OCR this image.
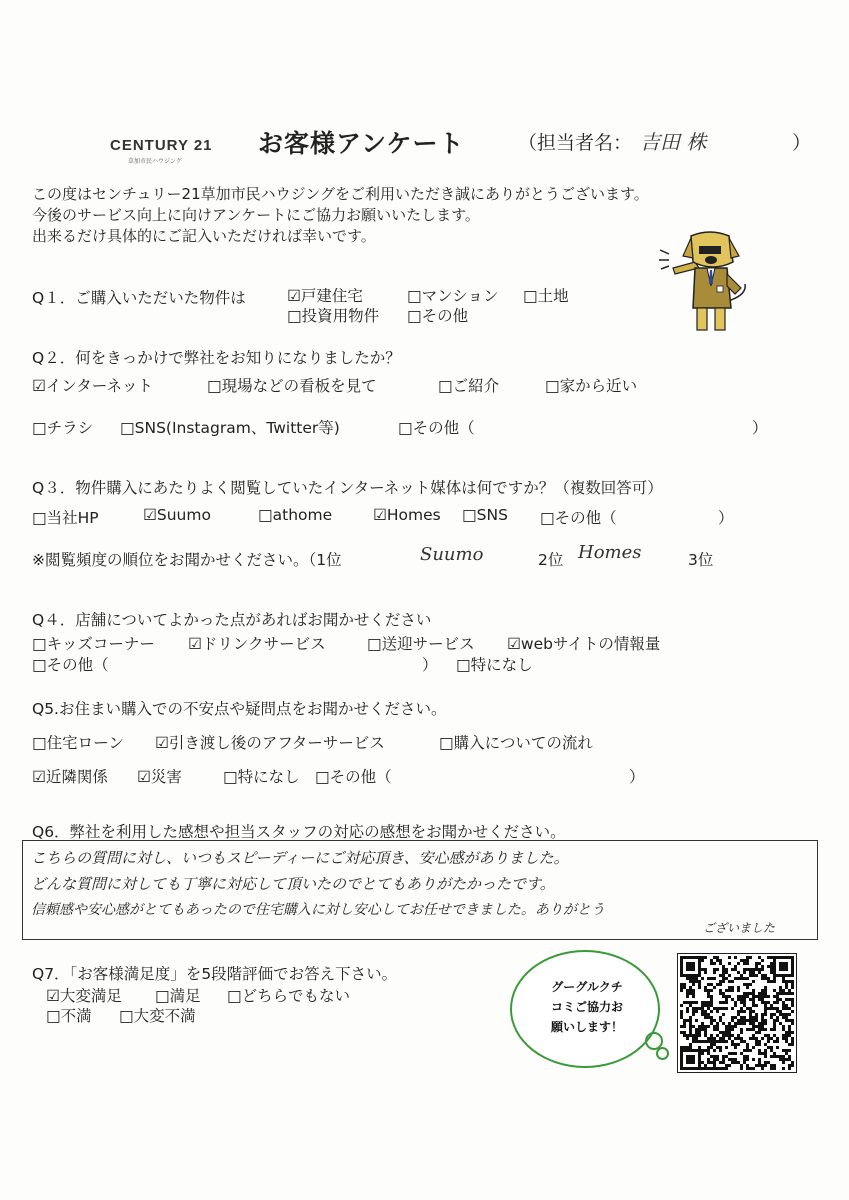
CENTURY 21
草加市民ハウジング
お客様アンケート	（担当者名： 吉田 株	）
この度はセンチュリー21草加市民ハウジングをご利用いただき誠にありがとうございます。
今後のサービス向上に向けアンケートにご協力お願いいたします。
出来るだけ具体的にご記入いただければ幸いです。
Q１．ご購入いただいた物件は	☑戸建住宅	□マンション □土地
□投資用物件 □その他
Q２．何をきっかけで弊社をお知りになりましたか？
☑インターネット	□現場などの看板を見て	□ご紹介	□家から近い
□チラシ □SNS(Instagram、Twitter等)	□その他（	）
Q３．物件購入にあたりよく閲覧していたインターネット媒体は何ですか？（複数回答可）
□当社HP	☑Suumo	□athome	☑Homes □SNS □その他（	）
※閲覧頻度の順位をお聞かせください。（1位	Suumo	2位 Homes	3位
Q４．店舗についてよかった点があればお聞かせください
□キッズコーナー ☑ドリンクサービス	□送迎サービス ☑webサイトの情報量
□その他（	） □特になし
Q5.お住まい購入での不安点や疑問点をお聞かせください。
□住宅ローン ☑引き渡し後のアフターサービス	□購入についての流れ
☑近隣関係 ☑災害	□特になし □その他（	）
Q6．弊社を利用した感想や担当スタッフの対応の感想をお聞かせください。
こちらの質問に対し、いつもスピーディーにご対応頂き、安心感がありました。
どんな質問に対しても丁寧に対応して頂いたのでとてもありがたかったです。
信頼感や安心感がとてもあったので住宅購入に対し安心してお任せできました。ありがとう
ございました
Q7．「お客様満足度」を5段階評価でお答え下さい。
☑大変満足 □満足 □どちらでもない
□不満 □大変不満
グーグルクチ
コミご協力お
願いします！
